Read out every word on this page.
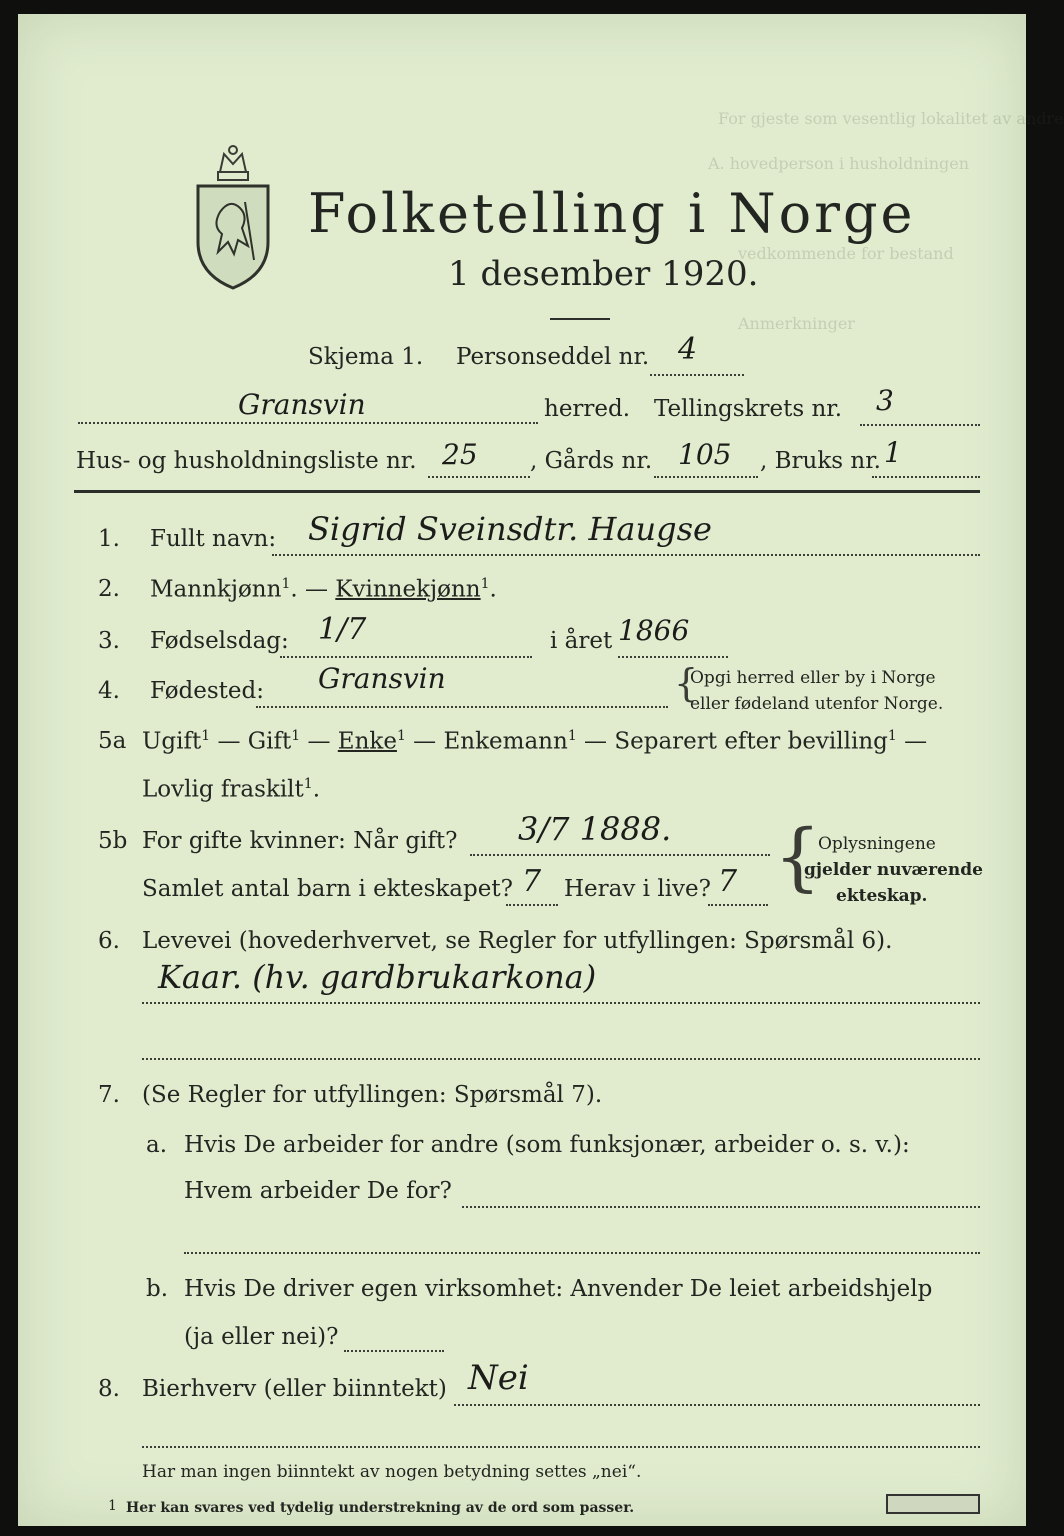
For gjeste som vesentlig lokalitet av andre
A. hovedperson i husholdningen
vedkommende for bestand
Anmerkninger
Folketelling i Norge
1 desember 1920.
Skjema 1. Personseddel nr. 4
Gransvin	herred. Tellingskrets nr. 3
Hus- og husholdningsliste nr. 25 , Gårds nr. 105 , Bruks nr. 1
1. Fullt navn: Sigrid Sveinsdtr. Haugse
2. Mannkjønn$^1$. — Kvinnekjønn$^1$.
3. Fødselsdag: 1/7	i året 1866
4. Fødested: Gransvin	{
Opgi herred eller by i Norge
eller fødeland utenfor Norge.
5a Ugift$^1$ — Gift$^1$ — Enke$^1$ — Enkemann$^1$ — Separert efter bevilling$^1$ —
Lovlig fraskilt$^1$.
5b For gifte kvinner: Når gift? 3/7 1888.
Samlet antal barn i ekteskapet? 7 Herav i live? 7 {
Oplysningene
gjelder nuværende
ekteskap.
6. Levevei (hovederhvervet, se Regler for utfyllingen: Spørsmål 6).
Kaar. (hv. gardbrukarkona)
7. (Se Regler for utfyllingen: Spørsmål 7).
a. Hvis De arbeider for andre (som funksjonær, arbeider o. s. v.):
Hvem arbeider De for?
b. Hvis De driver egen virksomhet: Anvender De leiet arbeidshjelp
(ja eller nei)?
8. Bierhverv (eller biinntekt) Nei
Har man ingen biinntekt av nogen betydning settes „nei“.
1 Her kan svares ved tydelig understrekning av de ord som passer.
